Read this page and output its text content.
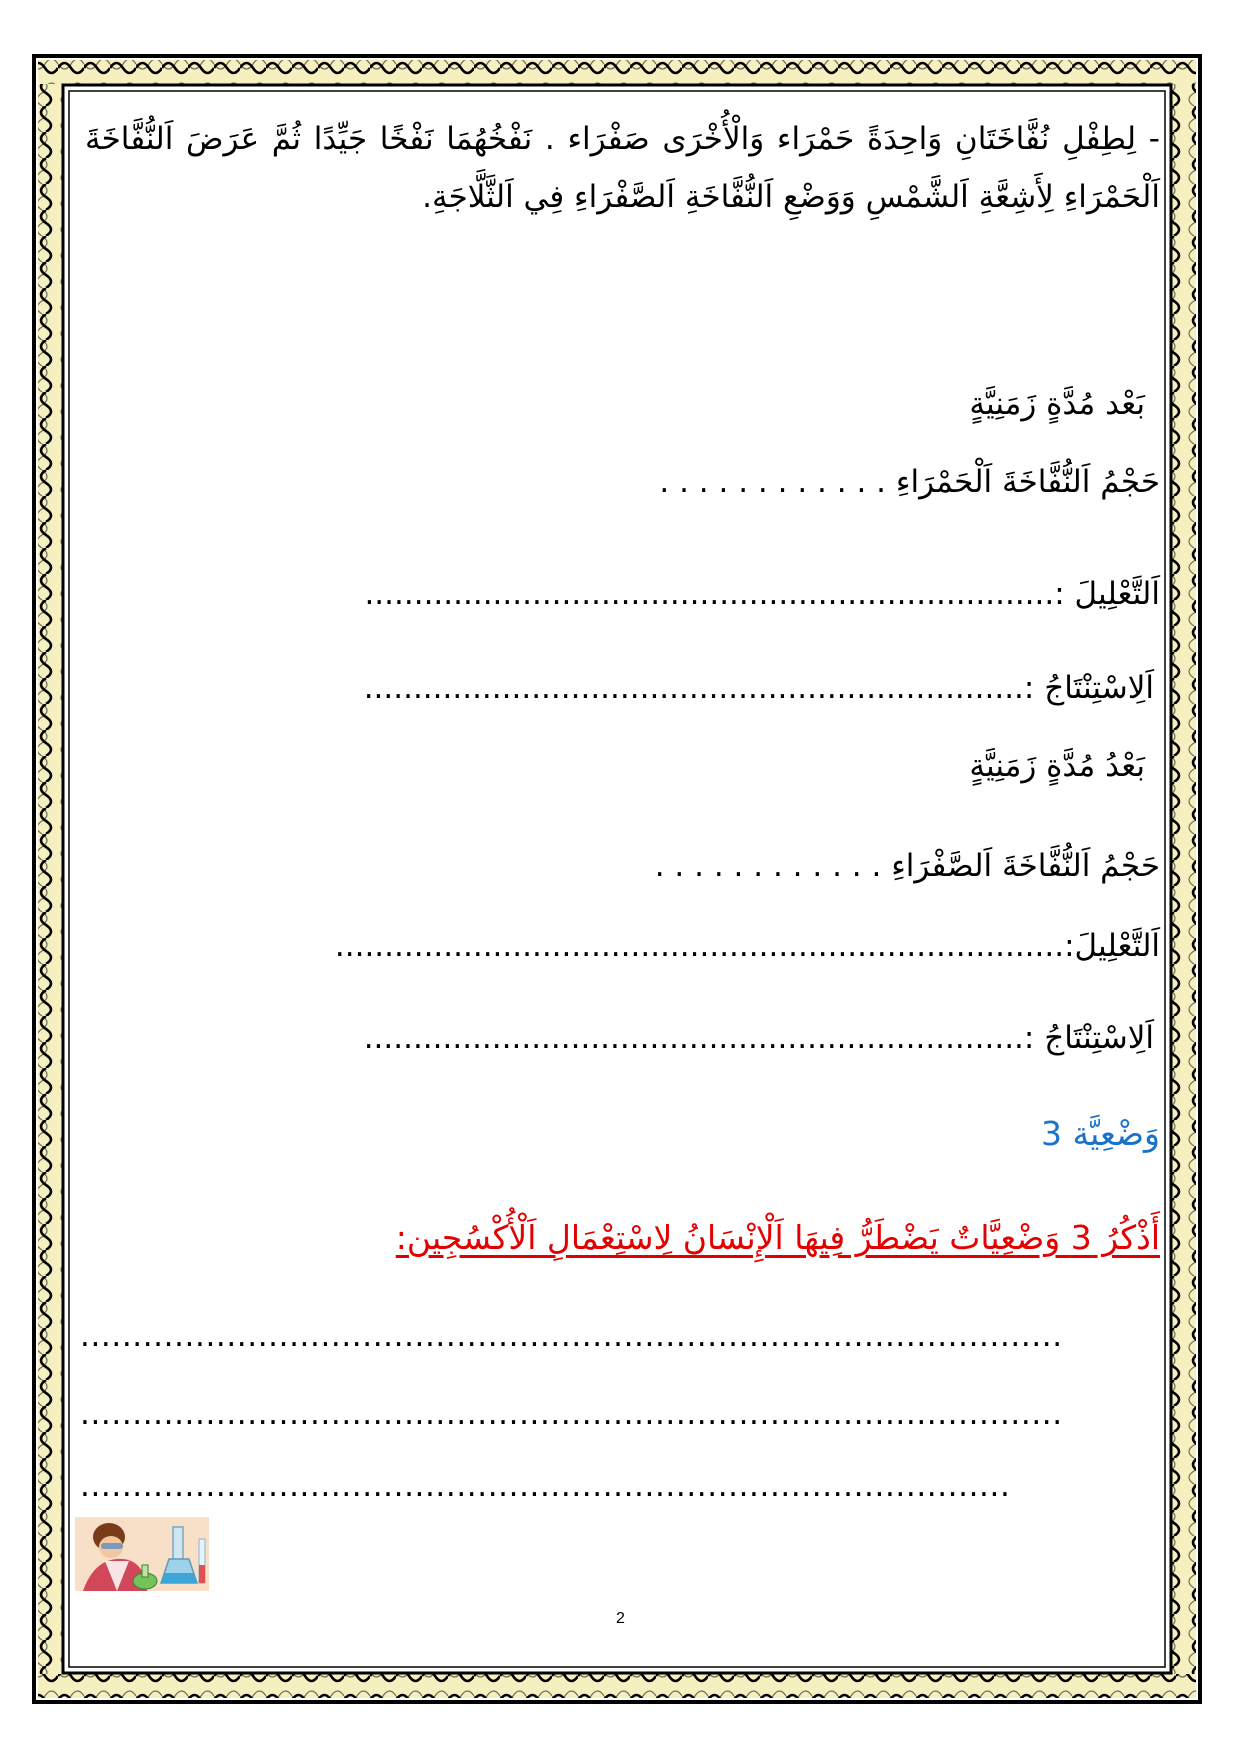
- لِطِفْلِ نُفَّاخَتَانِ وَاحِدَةً حَمْرَاء وَالْأُخْرَى صَفْرَاء . نَفْخُهُمَا نَفْخًا جَيِّدًا ثُمَّ عَرَضَ اَلنُّفَّاخَةَ اَلْحَمْرَاءِ لِأَشِعَّةِ اَلشَّمْسِ وَوَضْعِ اَلنُّفَّاخَةِ اَلصَّفْرَاءِ فِي اَلثَّلَّاجَةِ.

بَعْد مُدَّةٍ زَمَنِيَّةٍ
حَجْمُ اَلنُّفَّاخَةَ اَلْحَمْرَاءِ . . . . . . . . . . . .
اَلتَّعْلِيلَ :......................................................................
اَلِاسْتِنْتَاجُ :...................................................................
بَعْدُ مُدَّةٍ زَمَنِيَّةٍ
حَجْمُ اَلنُّفَّاخَةَ اَلصَّفْرَاءِ . . . . . . . . . . . .
اَلتَّعْلِيلَ:..........................................................................
اَلِاسْتِنْتَاجُ :...................................................................
وَضْعِيَّة 3
أَذْكُرُ 3 وَضْعِيَّاتٌ يَضْطَرُّ فِيهَا اَلْإِنْسَانُ لِاسْتِعْمَالِ اَلْأُكْسُجِين:
..............................................................................................
..............................................................................................
.........................................................................................
2
